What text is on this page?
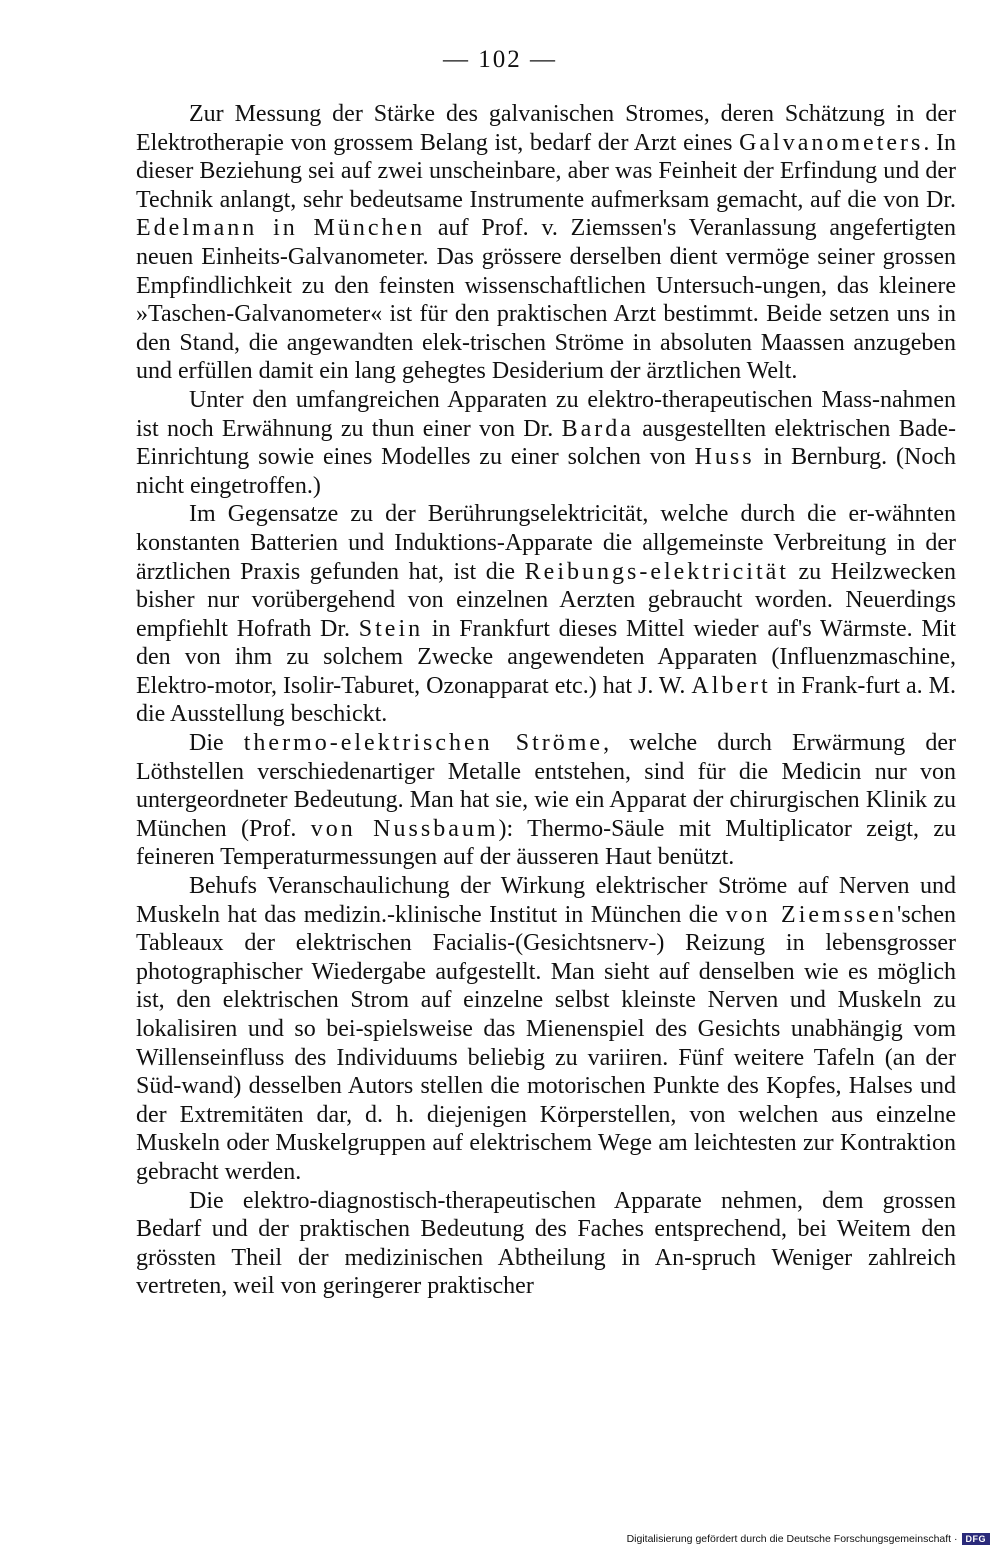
— 102 —

Zur Messung der Stärke des galvanischen Stromes, deren Schätzung in der Elektrotherapie von grossem Belang ist, bedarf der Arzt eines Galvanometers. In dieser Beziehung sei auf zwei unscheinbare, aber was Feinheit der Erfindung und der Technik anlangt, sehr bedeutsame Instrumente aufmerksam gemacht, auf die von Dr. Edelmann in München auf Prof. v. Ziemssen's Veranlassung angefertigten neuen Einheits-Galvanometer. Das grössere derselben dient vermöge seiner grossen Empfindlichkeit zu den feinsten wissenschaftlichen Untersuch-ungen, das kleinere »Taschen-Galvanometer« ist für den praktischen Arzt bestimmt. Beide setzen uns in den Stand, die angewandten elek-trischen Ströme in absoluten Maassen anzugeben und erfüllen damit ein lang gehegtes Desiderium der ärztlichen Welt.

Unter den umfangreichen Apparaten zu elektro-therapeutischen Mass-nahmen ist noch Erwähnung zu thun einer von Dr. Barda ausgestellten elektrischen Bade-Einrichtung sowie eines Modelles zu einer solchen von Huss in Bernburg. (Noch nicht eingetroffen.)

Im Gegensatze zu der Berührungselektricität, welche durch die er-wähnten konstanten Batterien und Induktions-Apparate die allgemeinste Verbreitung in der ärztlichen Praxis gefunden hat, ist die Reibungs-elektricität zu Heilzwecken bisher nur vorübergehend von einzelnen Aerzten gebraucht worden. Neuerdings empfiehlt Hofrath Dr. Stein in Frankfurt dieses Mittel wieder auf's Wärmste. Mit den von ihm zu solchem Zwecke angewendeten Apparaten (Influenzmaschine, Elektro-motor, Isolir-Taburet, Ozonapparat etc.) hat J. W. Albert in Frank-furt a. M. die Ausstellung beschickt.

Die thermo-elektrischen Ströme, welche durch Erwärmung der Löthstellen verschiedenartiger Metalle entstehen, sind für die Medicin nur von untergeordneter Bedeutung. Man hat sie, wie ein Apparat der chirurgischen Klinik zu München (Prof. von Nussbaum): Thermo-Säule mit Multiplicator zeigt, zu feineren Temperaturmessungen auf der äusseren Haut benützt.

Behufs Veranschaulichung der Wirkung elektrischer Ströme auf Nerven und Muskeln hat das medizin.-klinische Institut in München die von Ziemssen'schen Tableaux der elektrischen Facialis-(Gesichtsnerv-) Reizung in lebensgrosser photographischer Wiedergabe aufgestellt. Man sieht auf denselben wie es möglich ist, den elektrischen Strom auf einzelne selbst kleinste Nerven und Muskeln zu lokalisiren und so bei-spielsweise das Mienenspiel des Gesichts unabhängig vom Willenseinfluss des Individuums beliebig zu variiren. Fünf weitere Tafeln (an der Süd-wand) desselben Autors stellen die motorischen Punkte des Kopfes, Halses und der Extremitäten dar, d. h. diejenigen Körperstellen, von welchen aus einzelne Muskeln oder Muskelgruppen auf elektrischem Wege am leichtesten zur Kontraktion gebracht werden.

Die elektro-diagnostisch-therapeutischen Apparate nehmen, dem grossen Bedarf und der praktischen Bedeutung des Faches entsprechend, bei Weitem den grössten Theil der medizinischen Abtheilung in An-spruch Weniger zahlreich vertreten, weil von geringerer praktischer

Digitalisierung gefördert durch die Deutsche Forschungsgemeinschaft · DFG
